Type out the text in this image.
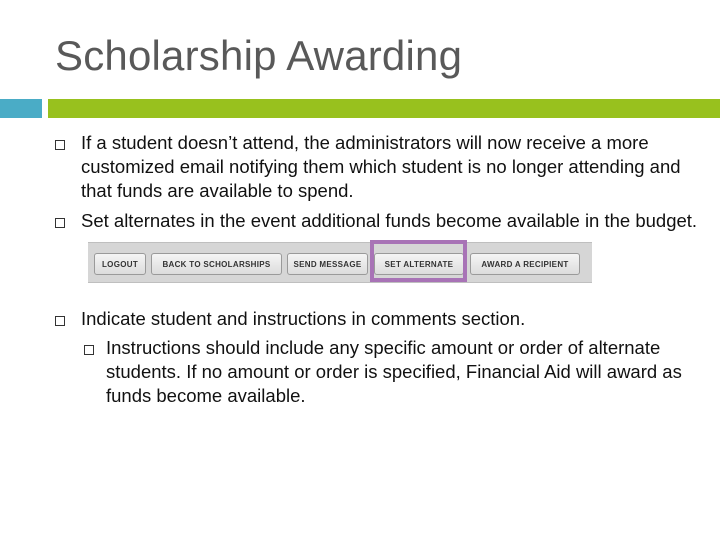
Scholarship Awarding
If a student doesn’t attend, the administrators will now receive a more customized email notifying them which student is no longer attending and that funds are available to spend.
Set alternates in the event additional funds become available in the budget.
LOGOUT	BACK TO SCHOLARSHIPS	SEND MESSAGE	SET ALTERNATE	AWARD A RECIPIENT
Indicate student and instructions in comments section.
Instructions should include any specific amount or order of alternate students. If no amount or order is specified, Financial Aid will award as funds become available.
